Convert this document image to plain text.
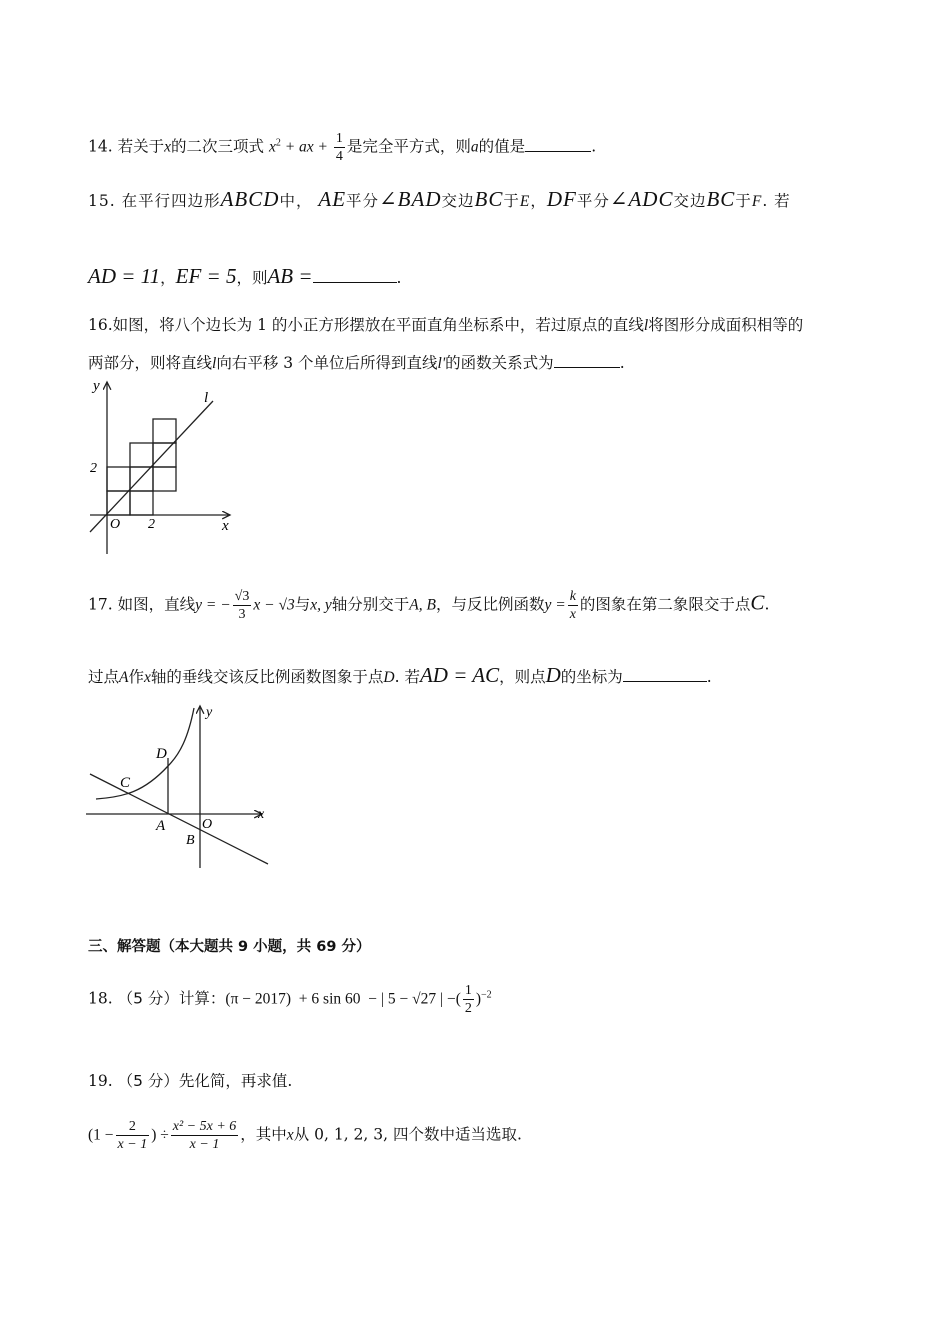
14. 若关于x的二次三项式 $x^2$ + ax + $\frac{1}{4}$ 是完全平方式，则a的值是	.
15. 在平行四边形ABCD中， AE平分∠BAD交边BC于E，DF平分∠ADC交边BC于F. 若
AD = 11，EF = 5，则AB =	.
16.如图，将八个边长为 1 的小正方形摆放在平面直角坐标系中，若过原点的直线l将图形分成面积相等的
两部分，则将直线l向右平移 3 个单位后所得到直线l'的函数关系式为	.
y
x
l
O 2
2
17. 如图，直线y = − $\frac{√3}{3}$ x − √3与x, y轴分别交于A, B，与反比例函数$y = \frac{k}{x}$ 的图象在第二象限交于点C.
过点A作x轴的垂线交该反比例函数图象于点D. 若AD = AC，则点D的坐标为	.
y
x
D
C
A	O
B
三、解答题（本大题共 9 小题，共 69 分）
18. （5 分）计算：(π − 2017)  + 6 sin 60  − | 5 − √27 | −( $\frac{1}{2} )^{-2}$
19. （5 分）先化简，再求值.
($1 - \frac{2}{x - 1}$ ) ÷ $\frac{\text{x² − 5x + 6}}{x - 1}$ ，其中x从 0, 1, 2, 3, 四个数中适当选取.
